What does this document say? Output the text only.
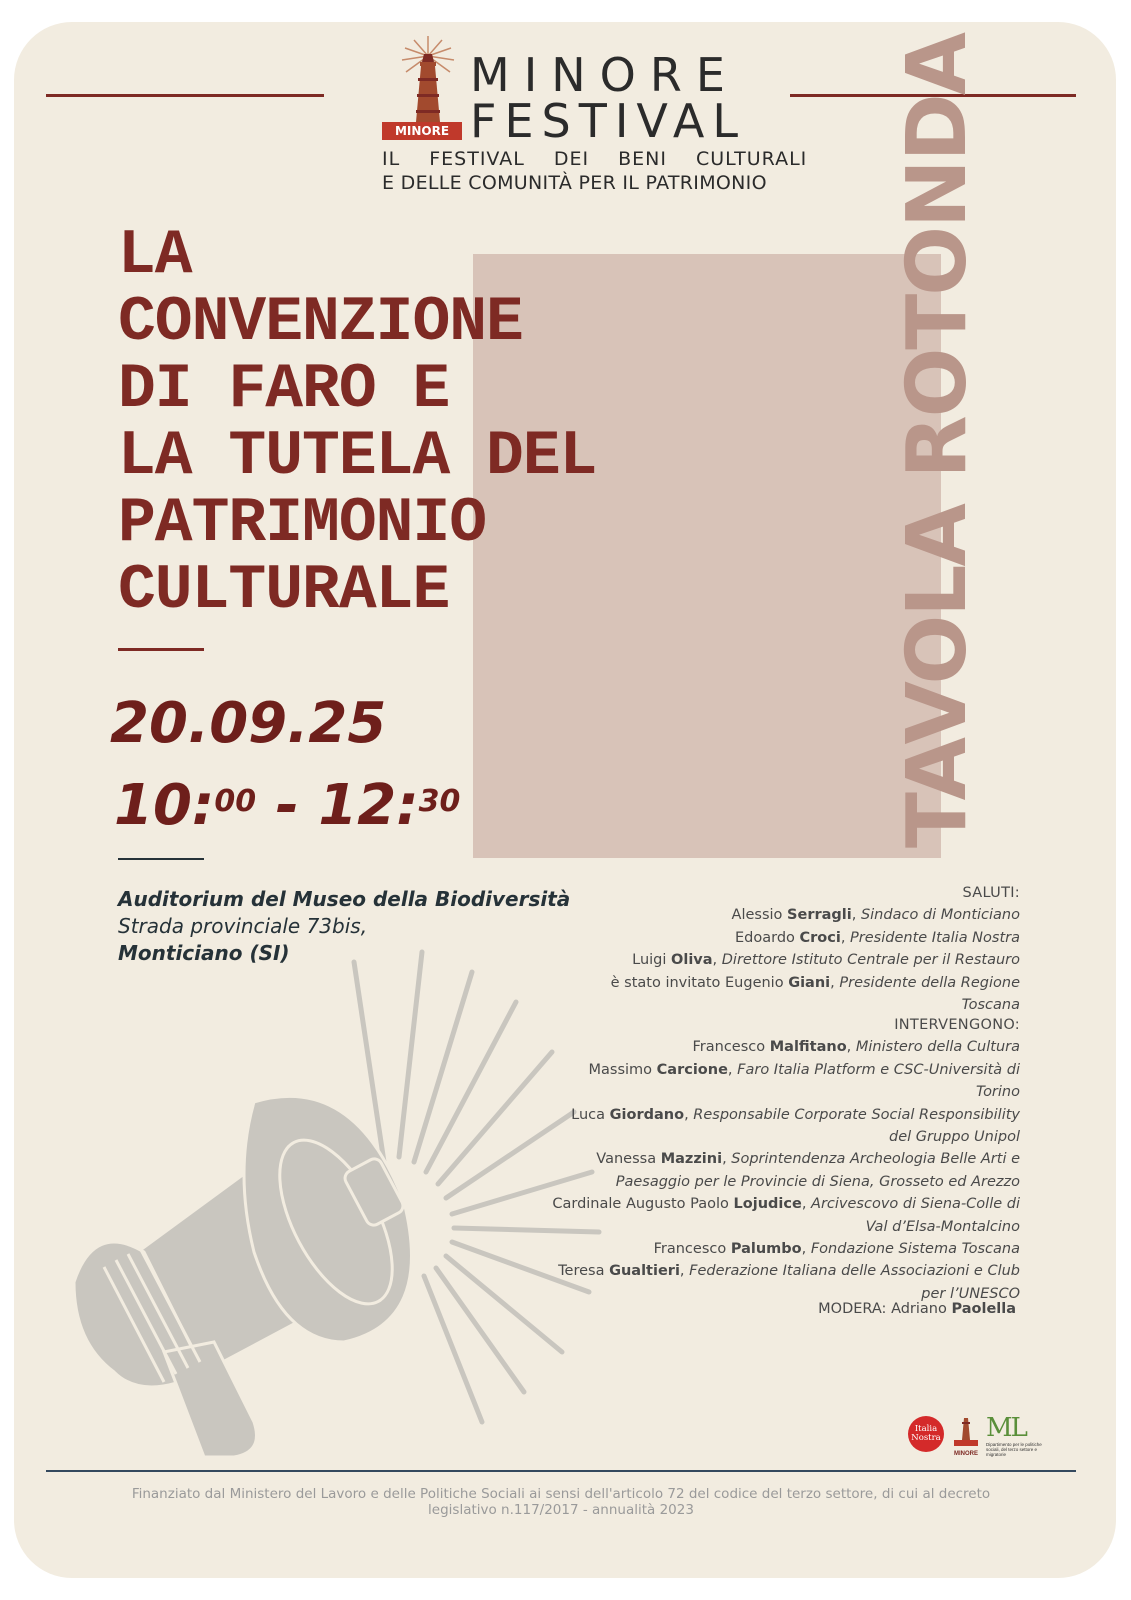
MINORE
MINORE
FESTIVAL
IL FESTIVAL DEI BENI CULTURALI
E DELLE COMUNITÀ PER IL PATRIMONIO TAVOLA ROTONDA
LA
CONVENZIONE
DI FARO E
LA TUTELA DEL
PATRIMONIO
CULTURALE
20.09.25
10:$^{00}$ - 12:$^{30}$
Auditorium del Museo della Biodiversità
Strada provinciale 73bis,
Monticiano (SI)
SALUTI:
Alessio Serragli, Sindaco di Monticiano
Edoardo Croci, Presidente Italia Nostra
Luigi Oliva, Direttore Istituto Centrale per il Restauro
è stato invitato Eugenio Giani, Presidente della Regione Toscana
INTERVENGONO:
Francesco Malfitano, Ministero della Cultura
Massimo Carcione, Faro Italia Platform e CSC-Università di Torino
Luca Giordano, Responsabile Corporate Social Responsibility del Gruppo Unipol
Vanessa Mazzini, Soprintendenza Archeologia Belle Arti e Paesaggio per le Provincie di Siena, Grosseto ed Arezzo
Cardinale Augusto Paolo Lojudice, Arcivescovo di Siena-Colle di Val d’Elsa-Montalcino
Francesco Palumbo, Fondazione Sistema Toscana
Teresa Gualtieri, Federazione Italiana delle Associazioni e Club per l’UNESCO
MODERA: Adriano Paolella
Italia Nostra
MINORE
ML
Dipartimento per le politiche sociali, del terzo settore e migratorie
Finanziato dal Ministero del Lavoro e delle Politiche Sociali ai sensi dell'articolo 72 del codice del terzo settore, di cui al decreto
legislativo n.117/2017 - annualità 2023
